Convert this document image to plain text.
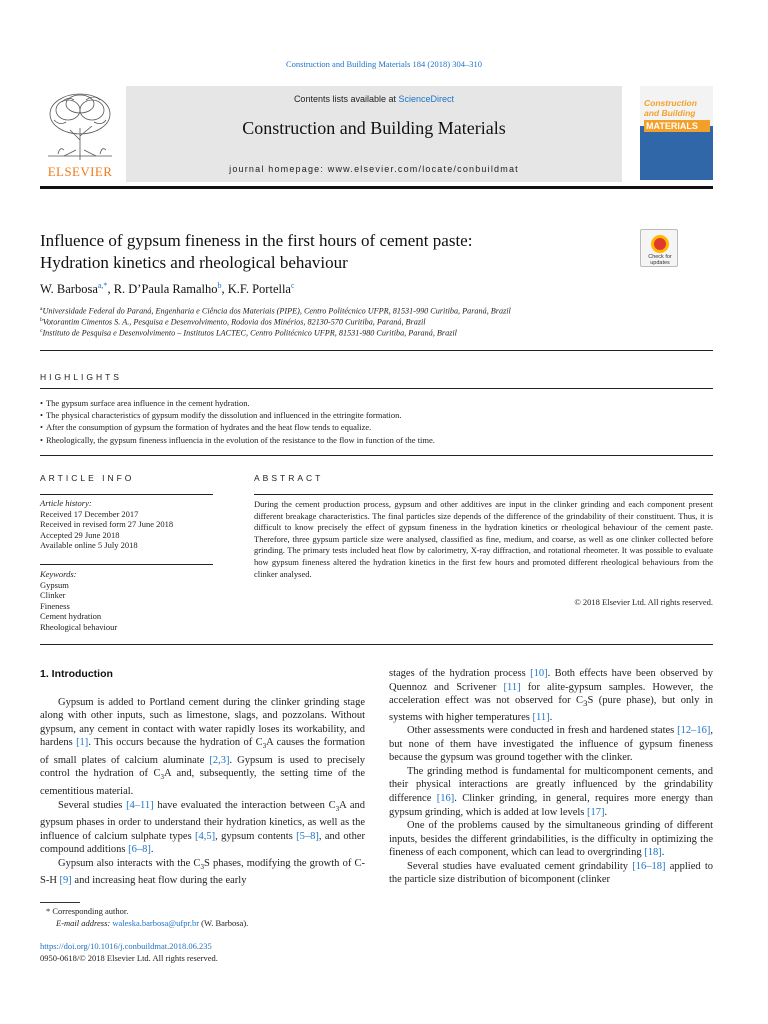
Construction and Building Materials 184 (2018) 304–310
ELSEVIER
Contents lists available at ScienceDirect
Construction and Building Materials
journal homepage: www.elsevier.com/locate/conbuildmat
Construction and Building
MATERIALS
Influence of gypsum fineness in the first hours of cement paste:
Hydration kinetics and rheological behaviour	Check for updates
W. Barbosa$^{a,*}$, R. D’Paula Ramalho$^b$, K.F. Portella$^c$
$^a$Universidade Federal do Paraná, Engenharia e Ciência dos Materiais (PIPE), Centro Politécnico UFPR, 81531-990 Curitiba, Paraná, Brazil
$^b$Votorantim Cimentos S. A., Pesquisa e Desenvolvimento, Rodovia dos Minérios, 82130-570 Curitiba, Paraná, Brazil
$^c$Instituto de Pesquisa e Desenvolvimento – Institutos LACTEC, Centro Politécnico UFPR, 81531-980 Curitiba, Paraná, Brazil
HIGHLIGHTS
• The gypsum surface area influence in the cement hydration.
• The physical characteristics of gypsum modify the dissolution and influenced in the ettringite formation.
• After the consumption of gypsum the formation of hydrates and the heat flow tends to equalize.
• Rheologically, the gypsum fineness influencia in the evolution of the resistance to the flow in function of the time.
ARTICLE INFO
Article history:
Received 17 December 2017
Received in revised form 27 June 2018
Accepted 29 June 2018
Available online 5 July 2018
Keywords:
Gypsum
Clinker
Fineness
Cement hydration
Rheological behaviour
ABSTRACT
During the cement production process, gypsum and other additives are input in the clinker grinding and each component present different breakage characteristics. The final particles size depends of the difference of the grindability of their constituent. Thus, it is difficult to know precisely the effect of gypsum fineness in the hydration kinetics or rheological behaviour of the cement paste. Therefore, three gypsum particle size were analysed, classified as fine, medium, and coarse, as well as one clinker collected before grinding. The primary tests included heat flow by calorimetry, X-ray diffraction, and rotational rheometer. It was possible to evaluate how gypsum fineness altered the hydration kinetics in the first few hours and promoted different rheological behaviours from the clinker analysed.
© 2018 Elsevier Ltd. All rights reserved.
1. Introduction
Gypsum is added to Portland cement during the clinker grinding stage along with other inputs, such as limestone, slags, and pozzolans. Without gypsum, any cement in contact with water rapidly loses its workability, and hardens [1]. This occurs because the hydration of $C_3A$ causes the formation of small plates of calcium aluminate [2,3]. Gypsum is used to precisely control the hydration of $C_3A$ and, subsequently, the setting time of the cementitious material.
Several studies [4–11] have evaluated the interaction between $C_3A$ and gypsum phases in order to understand their hydration kinetics, as well as the influence of calcium sulphate types [4,5], gypsum contents [5–8], and other compound additions [6–8].
Gypsum also interacts with the $C_3S$ phases, modifying the growth of C-S-H [9] and increasing heat flow during the early
stages of the hydration process [10]. Both effects have been observed by Quennoz and Scrivener [11] for alite-gypsum samples. However, the acceleration effect was not observed for $C_3S$ (pure phase), but only in systems with higher temperatures [11].
Other assessments were conducted in fresh and hardened states [12–16], but none of them have investigated the influence of gypsum fineness because the gypsum was ground together with the clinker.
The grinding method is fundamental for multicomponent cements, and their physical interactions are greatly influenced by the grindability difference [16]. Clinker grinding, in general, requires more energy than gypsum grinding, which is added at low levels [17].
One of the problems caused by the simultaneous grinding of different inputs, besides the different grindabilities, is the difficulty in optimizing the fineness of each component, which can lead to overgrinding [18].
Several studies have evaluated cement grindability [16–18] applied to the particle size distribution of bicomponent (clinker
* Corresponding author.
E-mail address: waleska.barbosa@ufpr.br (W. Barbosa).
https://doi.org/10.1016/j.conbuildmat.2018.06.235
0950-0618/© 2018 Elsevier Ltd. All rights reserved.
